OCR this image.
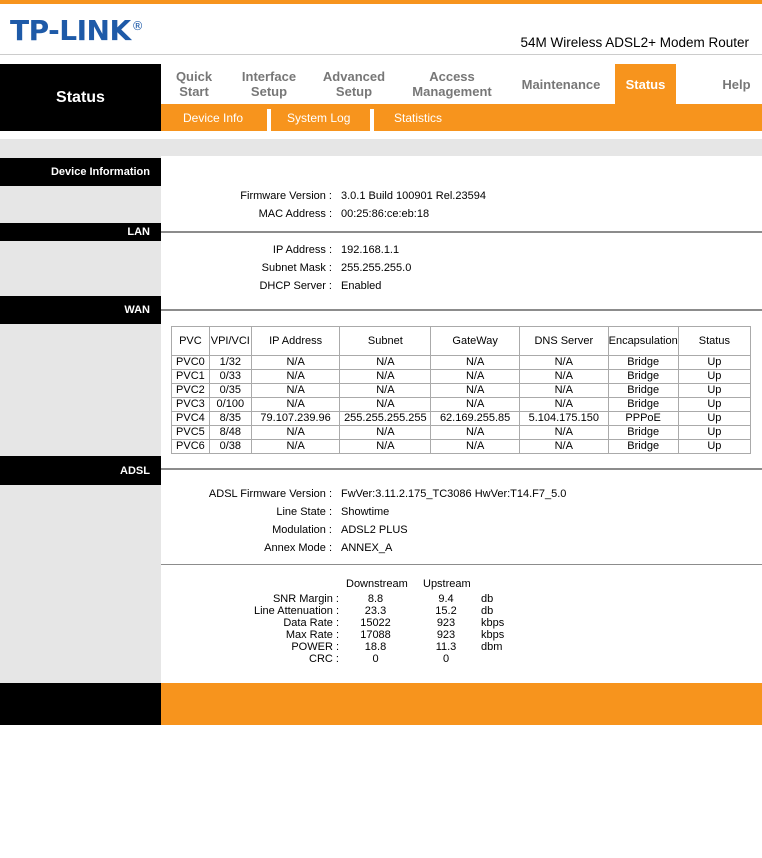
TP-LINK®
54M Wireless ADSL2+ Modem Router
Status
Quick
Start
Interface
Setup
Advanced
Setup
Access
Management Maintenance Status	Help
Device Info	System Log	Statistics
Device Information
Firmware Version : 3.0.1 Build 100901 Rel.23594
MAC Address : 00:25:86:ce:eb:18
LAN
IP Address : 192.168.1.1
Subnet Mask : 255.255.255.0
DHCP Server : Enabled
WAN
PVC	VPI/VCI	IP Address	Subnet	GateWay	DNS Server	Encapsulation	Status
PVC0	1/32	N/A	N/A	N/A	N/A	Bridge	Up
PVC1	0/33	N/A	N/A	N/A	N/A	Bridge	Up
PVC2	0/35	N/A	N/A	N/A	N/A	Bridge	Up
PVC3	0/100	N/A	N/A	N/A	N/A	Bridge	Up
PVC4	8/35	79.107.239.96	255.255.255.255	62.169.255.85	5.104.175.150	PPPoE	Up
PVC5	8/48	N/A	N/A	N/A	N/A	Bridge	Up
PVC6	0/38	N/A	N/A	N/A	N/A	Bridge	Up
ADSL
ADSL Firmware Version : FwVer:3.11.2.175_TC3086 HwVer:T14.F7_5.0
Line State : Showtime
Modulation : ADSL2 PLUS
Annex Mode : ANNEX_A
Downstream Upstream
SNR Margin :	8.8	9.4	db
Line Attenuation :	23.3	15.2	db
Data Rate :	15022	923	kbps
Max Rate :	17088	923	kbps
POWER :	18.8	11.3	dbm
CRC :	0	0
